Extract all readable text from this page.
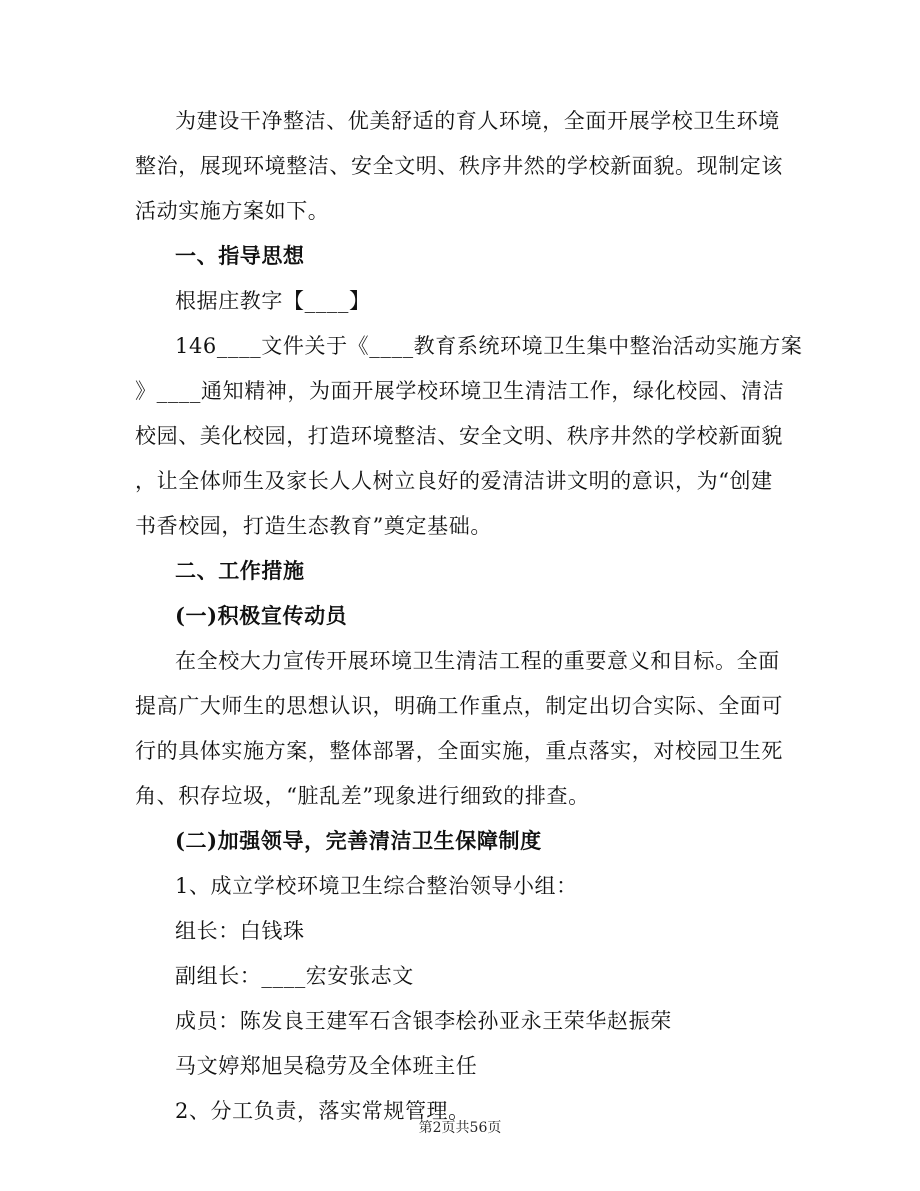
为建设干净整洁、优美舒适的育人环境，全面开展学校卫生环境
整治，展现环境整洁、安全文明、秩序井然的学校新面貌。现制定该
活动实施方案如下。
一、指导思想
根据庄教字【____】
146____文件关于《____教育系统环境卫生集中整治活动实施方案
》____通知精神，为面开展学校环境卫生清洁工作，绿化校园、清洁
校园、美化校园，打造环境整洁、安全文明、秩序井然的学校新面貌
，让全体师生及家长人人树立良好的爱清洁讲文明的意识，为“创建
书香校园，打造生态教育”奠定基础。
二、工作措施
(一)积极宣传动员
在全校大力宣传开展环境卫生清洁工程的重要意义和目标。全面
提高广大师生的思想认识，明确工作重点，制定出切合实际、全面可
行的具体实施方案，整体部署，全面实施，重点落实，对校园卫生死
角、积存垃圾，“脏乱差”现象进行细致的排查。
(二)加强领导，完善清洁卫生保障制度
1、成立学校环境卫生综合整治领导小组：
组长：白钱珠
副组长：____宏安张志文
成员：陈发良王建军石含银李桧孙亚永王荣华赵振荣
马文婷郑旭吴稳劳及全体班主任
2、分工负责，落实常规管理。
第2页共56页
